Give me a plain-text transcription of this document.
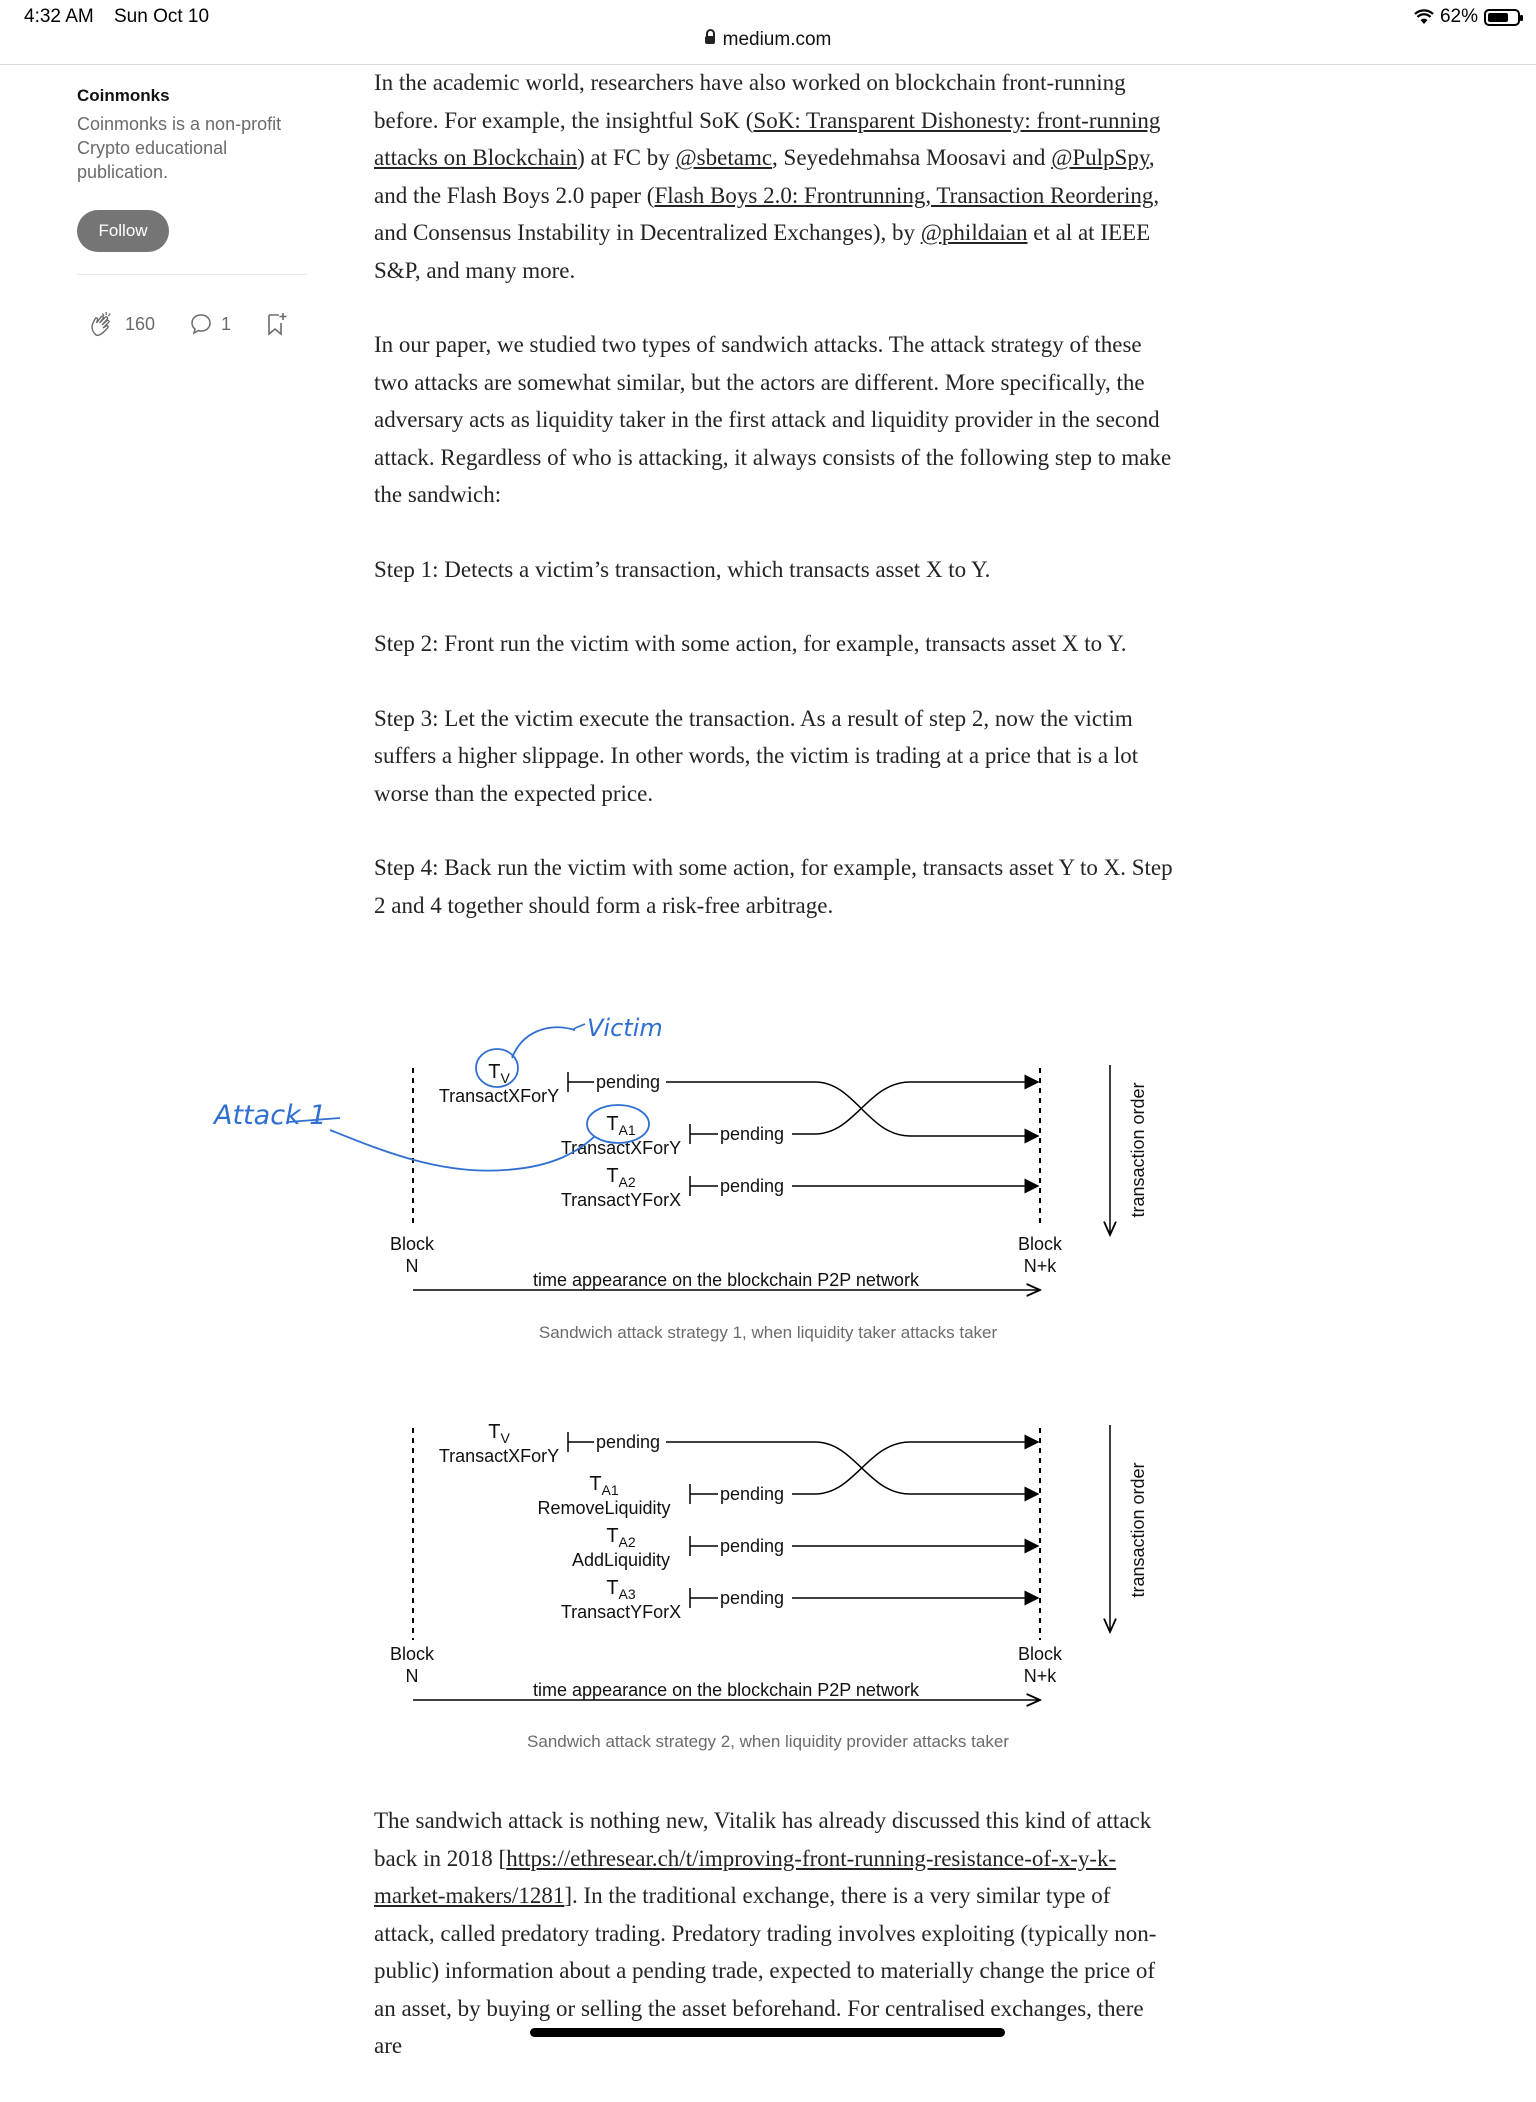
4:32 AM Sun Oct 10	62%
medium.com
Coinmonks
Coinmonks is a non-profit Crypto educational publication.
Follow
160	1

In the academic world, researchers have also worked on blockchain front-running before. For example, the insightful SoK (SoK: Transparent Dishonesty: front-running attacks on Blockchain) at FC by @sbetamc, Seyedehmahsa Moosavi and @PulpSpy, and the Flash Boys 2.0 paper (Flash Boys 2.0: Frontrunning, Transaction Reordering, and Consensus Instability in Decentralized Exchanges), by @phildaian et al at IEEE S&P, and many more.

In our paper, we studied two types of sandwich attacks. The attack strategy of these two attacks are somewhat similar, but the actors are different. More specifically, the adversary acts as liquidity taker in the first attack and liquidity provider in the second attack. Regardless of who is attacking, it always consists of the following step to make the sandwich:

Step 1: Detects a victim’s transaction, which transacts asset X to Y.

Step 2: Front run the victim with some action, for example, transacts asset X to Y.

Step 3: Let the victim execute the transaction. As a result of step 2, now the victim suffers a higher slippage. In other words, the victim is trading at a price that is a lot worse than the expected price.

Step 4: Back run the victim with some action, for example, transacts asset Y to X. Step 2 and 4 together should form a risk-free arbitrage.

$T_V$
TransactXForY
pending
$T_{A1}$
TransactXForY
pending
$T_{A2}$
TransactYForX
pending
Block N
Block N+k
time appearance on the blockchain P2P network
transaction order
Victim
Attack 1
Sandwich attack strategy 1, when liquidity taker attacks taker
$T_V$
TransactXForY
pending
$T_{A1}$
RemoveLiquidity
pending
$T_{A2}$
AddLiquidity
pending
$T_{A3}$
TransactYForX
pending
Block N
Block N+k
time appearance on the blockchain P2P network
transaction order
Sandwich attack strategy 2, when liquidity provider attacks taker

The sandwich attack is nothing new, Vitalik has already discussed this kind of attack back in 2018 [https://ethresear.ch/t/improving-front-running-resistance-of-x-y-k-market-makers/1281]. In the traditional exchange, there is a very similar type of attack, called predatory trading. Predatory trading involves exploiting (typically non-public) information about a pending trade, expected to materially change the price of an asset, by buying or selling the asset beforehand. For centralised exchanges, there are
